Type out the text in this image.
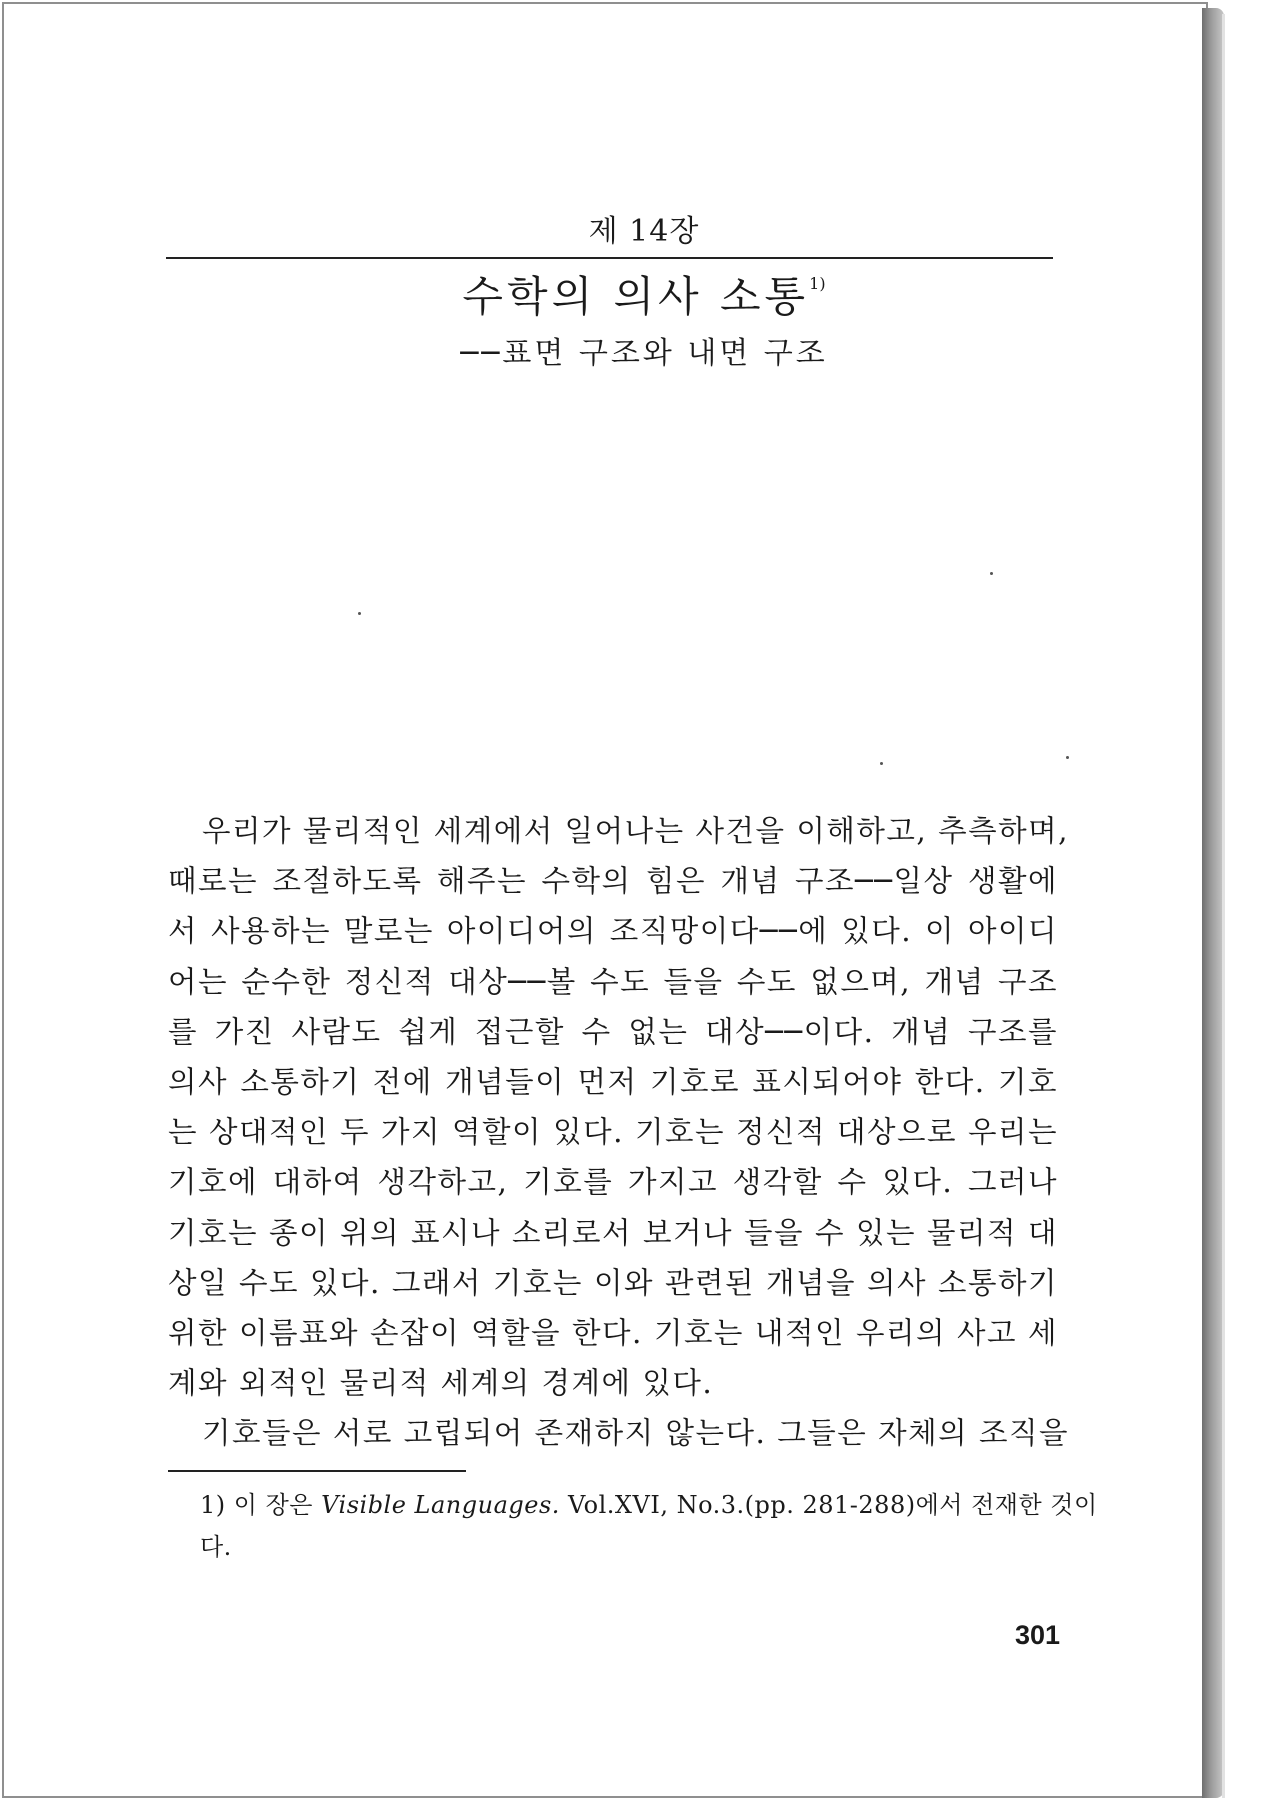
제 14장
수학의 의사 소통$^{1)}$
──표면 구조와 내면 구조
우리가 물리적인 세계에서 일어나는 사건을 이해하고, 추측하며,
때로는 조절하도록 해주는 수학의 힘은 개념 구조──일상 생활에
서 사용하는 말로는 아이디어의 조직망이다──에 있다. 이 아이디
어는 순수한 정신적 대상──볼 수도 들을 수도 없으며, 개념 구조
를 가진 사람도 쉽게 접근할 수 없는 대상──이다. 개념 구조를
의사 소통하기 전에 개념들이 먼저 기호로 표시되어야 한다. 기호
는 상대적인 두 가지 역할이 있다. 기호는 정신적 대상으로 우리는
기호에 대하여 생각하고, 기호를 가지고 생각할 수 있다. 그러나
기호는 종이 위의 표시나 소리로서 보거나 들을 수 있는 물리적 대
상일 수도 있다. 그래서 기호는 이와 관련된 개념을 의사 소통하기
위한 이름표와 손잡이 역할을 한다. 기호는 내적인 우리의 사고 세
계와 외적인 물리적 세계의 경계에 있다.
기호들은 서로 고립되어 존재하지 않는다. 그들은 자체의 조직을
1) 이 장은 Visible Languages. Vol.XVI, No.3.(pp. 281-288)에서 전재한 것이
다.
301
